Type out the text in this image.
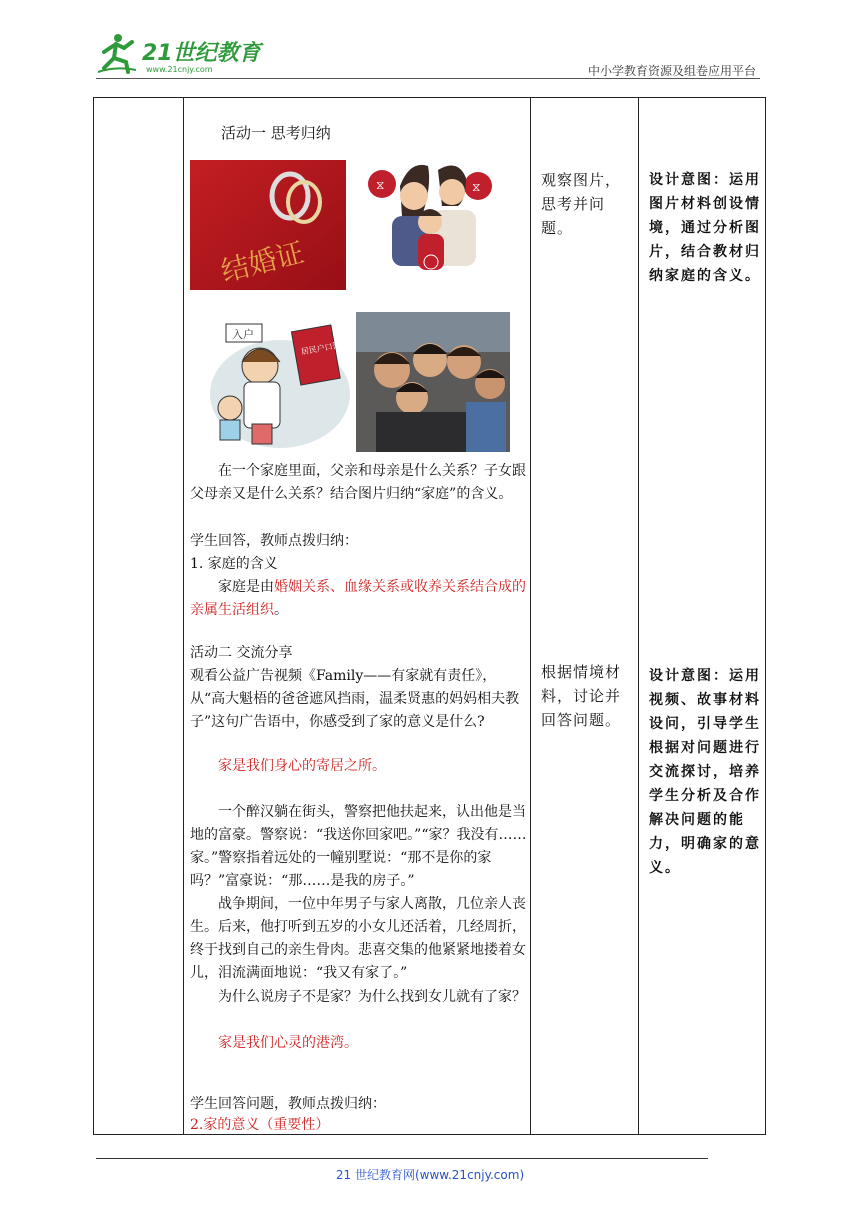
21世纪教育
www.21cnjy.com	中小学教育资源及组卷应用平台
活动一 思考归纳
结婚证
⧖	⧖
入户
居民户口簿
在一个家庭里面，父亲和母亲是什么关系？子女跟父母亲又是什么关系？结合图片归纳“家庭”的含义。
学生回答，教师点拨归纳：
1. 家庭的含义
家庭是由婚姻关系、血缘关系或收养关系结合成的亲属生活组织。
观察图片，思考并问题。
设计意图：运用图片材料创设情境，通过分析图片，结合教材归纳家庭的含义。
活动二 交流分享
观看公益广告视频《Family——有家就有责任》，从“高大魁梧的爸爸遮风挡雨，温柔贤惠的妈妈相夫教子”这句广告语中，你感受到了家的意义是什么?
家是我们身心的寄居之所。
一个醉汉躺在街头，警察把他扶起来，认出他是当地的富豪。警察说：“我送你回家吧。”“家？我没有……家。”警察指着远处的一幢别墅说：“那不是你的家吗？”富豪说：“那……是我的房子。”
战争期间，一位中年男子与家人离散，几位亲人丧生。后来，他打听到五岁的小女儿还活着，几经周折，终于找到自己的亲生骨肉。悲喜交集的他紧紧地搂着女儿，泪流满面地说：“我又有家了。”
为什么说房子不是家？为什么找到女儿就有了家？
家是我们心灵的港湾。
学生回答问题，教师点拨归纳：
2.家的意义（重要性）
根据情境材料，讨论并回答问题。
设计意图：运用视频、故事材料设问，引导学生根据对问题进行交流探讨，培养学生分析及合作解决问题的能力，明确家的意义。
21 世纪教育网(www.21cnjy.com)
